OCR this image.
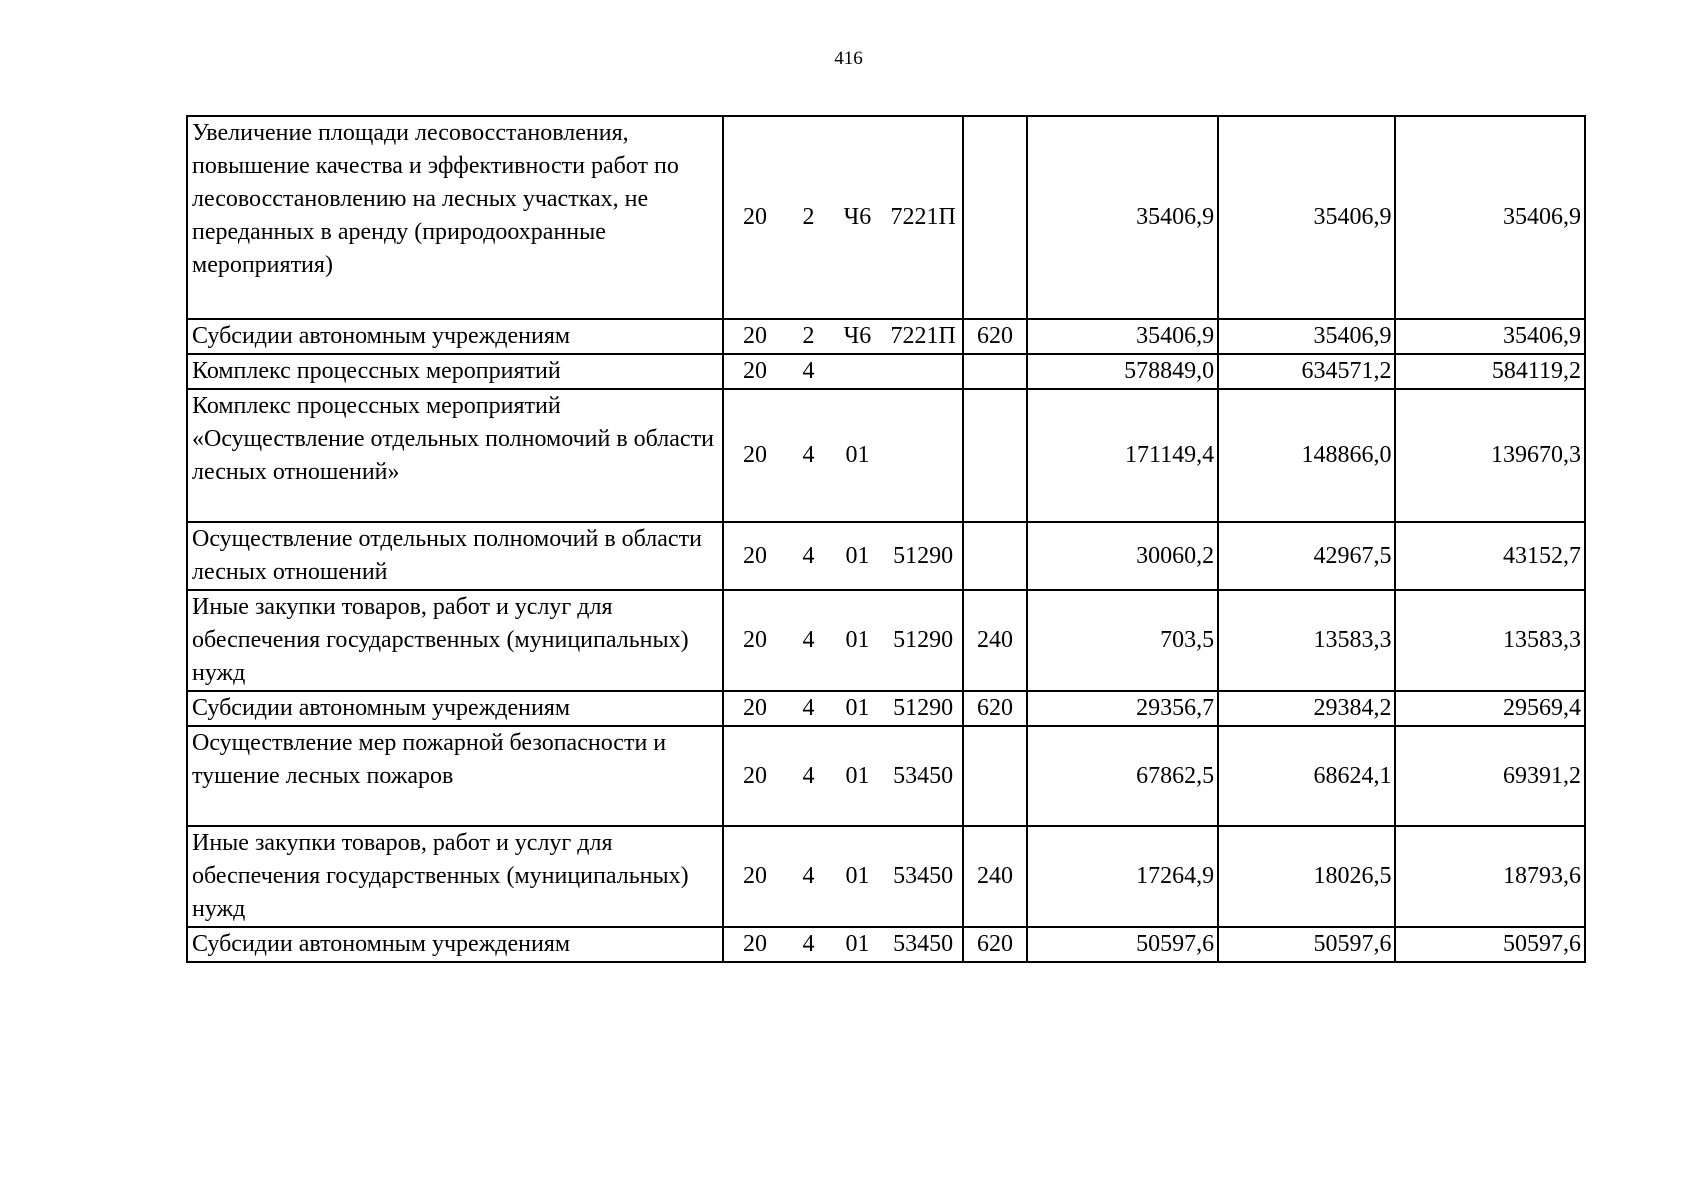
416
Увеличение площади лесовосстановления, повышение качества и эффективности работ по лесовосстановлению на лесных участках, не переданных в аренду (природоохранные мероприятия)	20	2	Ч6	7221П		35406,9	35406,9	35406,9
Субсидии автономным учреждениям	20	2	Ч6	7221П	620	35406,9	35406,9	35406,9
Комплекс процессных мероприятий	20	4				578849,0	634571,2	584119,2
Комплекс процессных мероприятий «Осуществление отдельных полномочий в области лесных отношений»	20	4	01			171149,4	148866,0	139670,3
Осуществление отдельных полномочий в области лесных отношений	20	4	01	51290		30060,2	42967,5	43152,7
Иные закупки товаров, работ и услуг для обеспечения государственных (муниципальных) нужд	20	4	01	51290	240	703,5	13583,3	13583,3
Субсидии автономным учреждениям	20	4	01	51290	620	29356,7	29384,2	29569,4
Осуществление мер пожарной безопасности и тушение лесных пожаров	20	4	01	53450		67862,5	68624,1	69391,2
Иные закупки товаров, работ и услуг для обеспечения государственных (муниципальных) нужд	20	4	01	53450	240	17264,9	18026,5	18793,6
Субсидии автономным учреждениям	20	4	01	53450	620	50597,6	50597,6	50597,6
